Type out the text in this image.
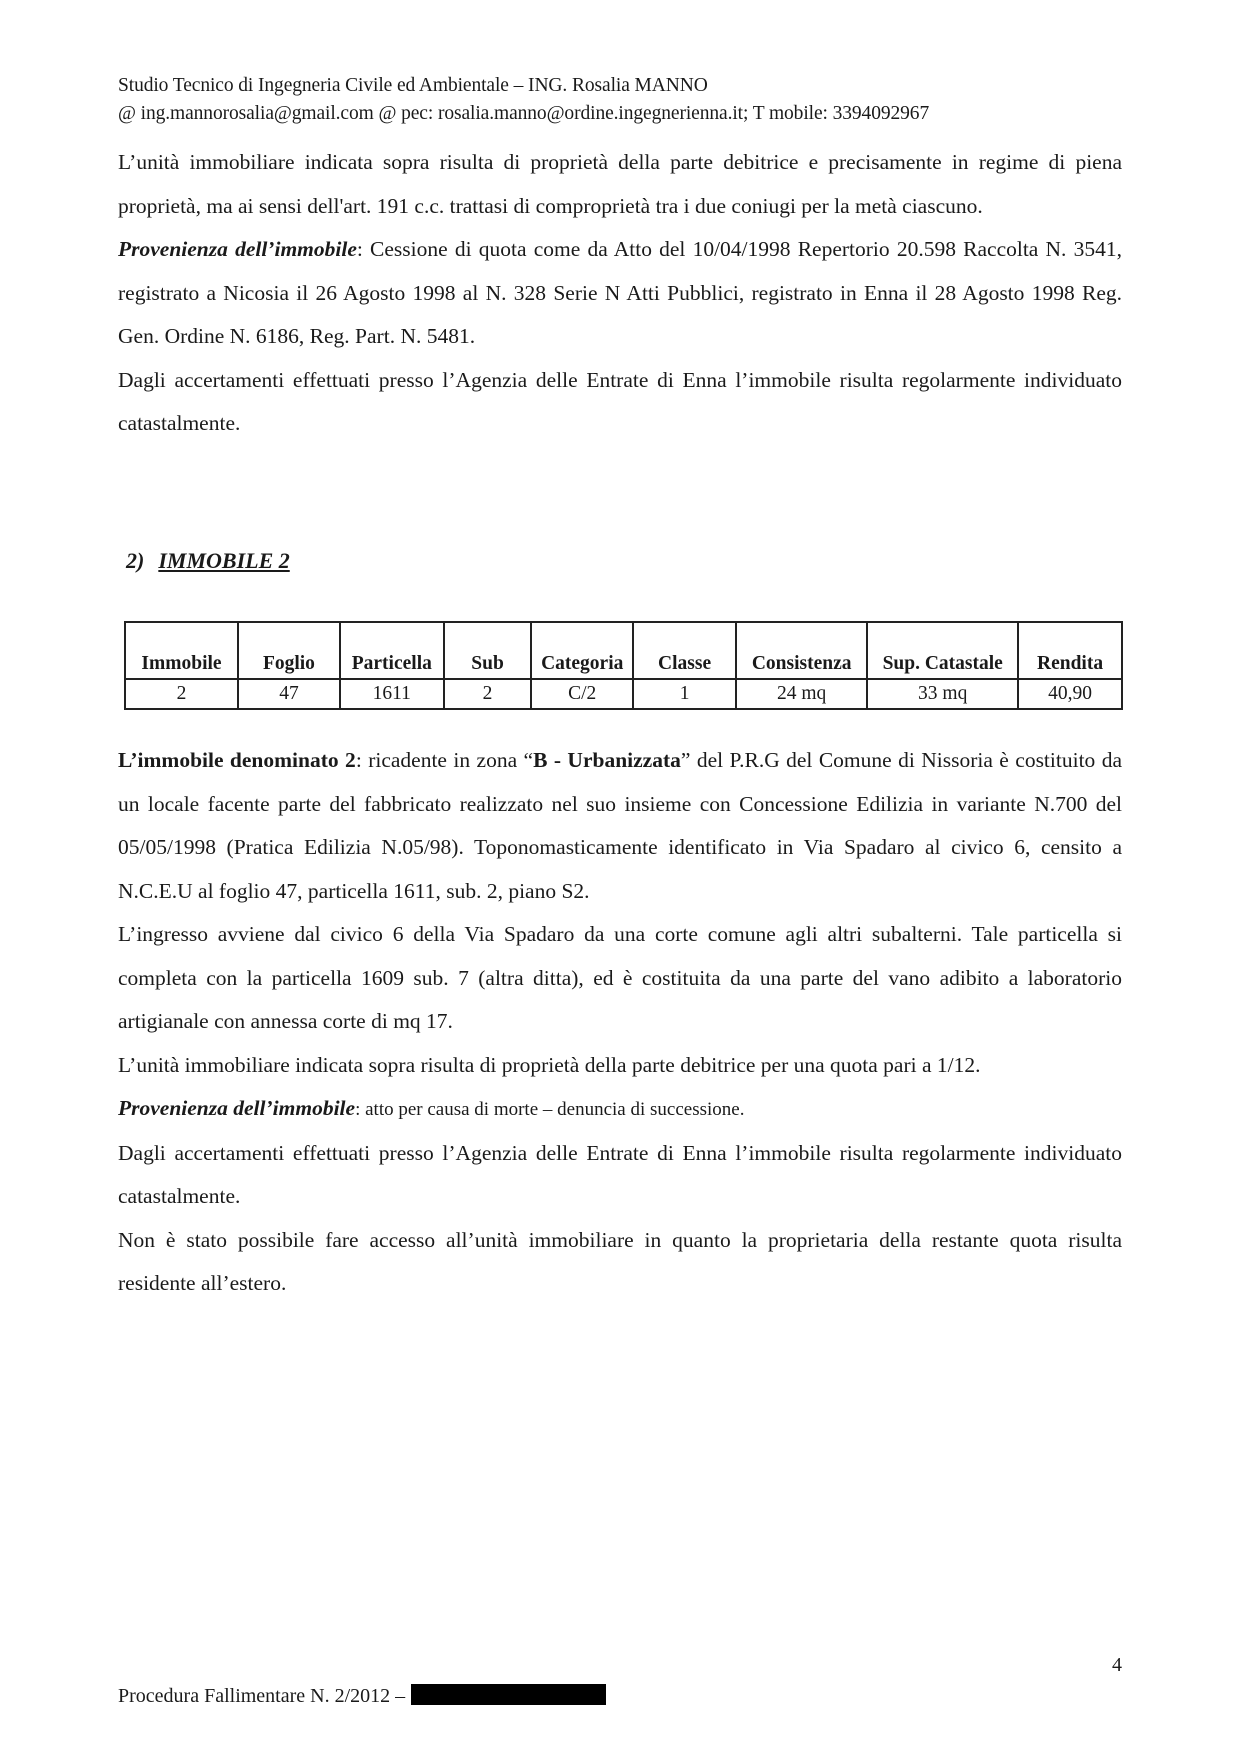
Studio Tecnico di Ingegneria Civile ed Ambientale – ING. Rosalia MANNO
@ ing.mannorosalia@gmail.com @ pec: rosalia.manno@ordine.ingegnerienna.it; T mobile: 3394092967

L’unità immobiliare indicata sopra risulta di proprietà della parte debitrice e precisamente in regime di piena proprietà, ma ai sensi dell'art. 191 c.c. trattasi di comproprietà tra i due coniugi per la metà ciascuno.

Provenienza dell’immobile: Cessione di quota come da Atto del 10/04/1998 Repertorio 20.598 Raccolta N. 3541, registrato a Nicosia il 26 Agosto 1998 al N. 328 Serie N Atti Pubblici, registrato in Enna il 28 Agosto 1998 Reg. Gen. Ordine N. 6186, Reg. Part. N. 5481.

Dagli accertamenti effettuati presso l’Agenzia delle Entrate di Enna l’immobile risulta regolarmente individuato catastalmente.

2) IMMOBILE 2
Immobile	Foglio	Particella	Sub	Categoria	Classe	Consistenza	Sup. Catastale	Rendita
2	47	1611	2	C/2	1	24 mq	33 mq	40,90

L’immobile denominato 2: ricadente in zona “B - Urbanizzata” del P.R.G del Comune di Nissoria è costituito da un locale facente parte del fabbricato realizzato nel suo insieme con Concessione Edilizia in variante N.700 del 05/05/1998 (Pratica Edilizia N.05/98). Toponomasticamente identificato in Via Spadaro al civico 6, censito a N.C.E.U al foglio 47, particella 1611, sub. 2, piano S2.

L’ingresso avviene dal civico 6 della Via Spadaro da una corte comune agli altri subalterni. Tale particella si completa con la particella 1609 sub. 7 (altra ditta), ed è costituita da una parte del vano adibito a laboratorio artigianale con annessa corte di mq 17.

L’unità immobiliare indicata sopra risulta di proprietà della parte debitrice per una quota pari a 1/12.

Provenienza dell’immobile: atto per causa di morte – denuncia di successione.

Dagli accertamenti effettuati presso l’Agenzia delle Entrate di Enna l’immobile risulta regolarmente individuato catastalmente.

Non è stato possibile fare accesso all’unità immobiliare in quanto la proprietaria della restante quota risulta residente all’estero.

4
Procedura Fallimentare N. 2/2012 –
